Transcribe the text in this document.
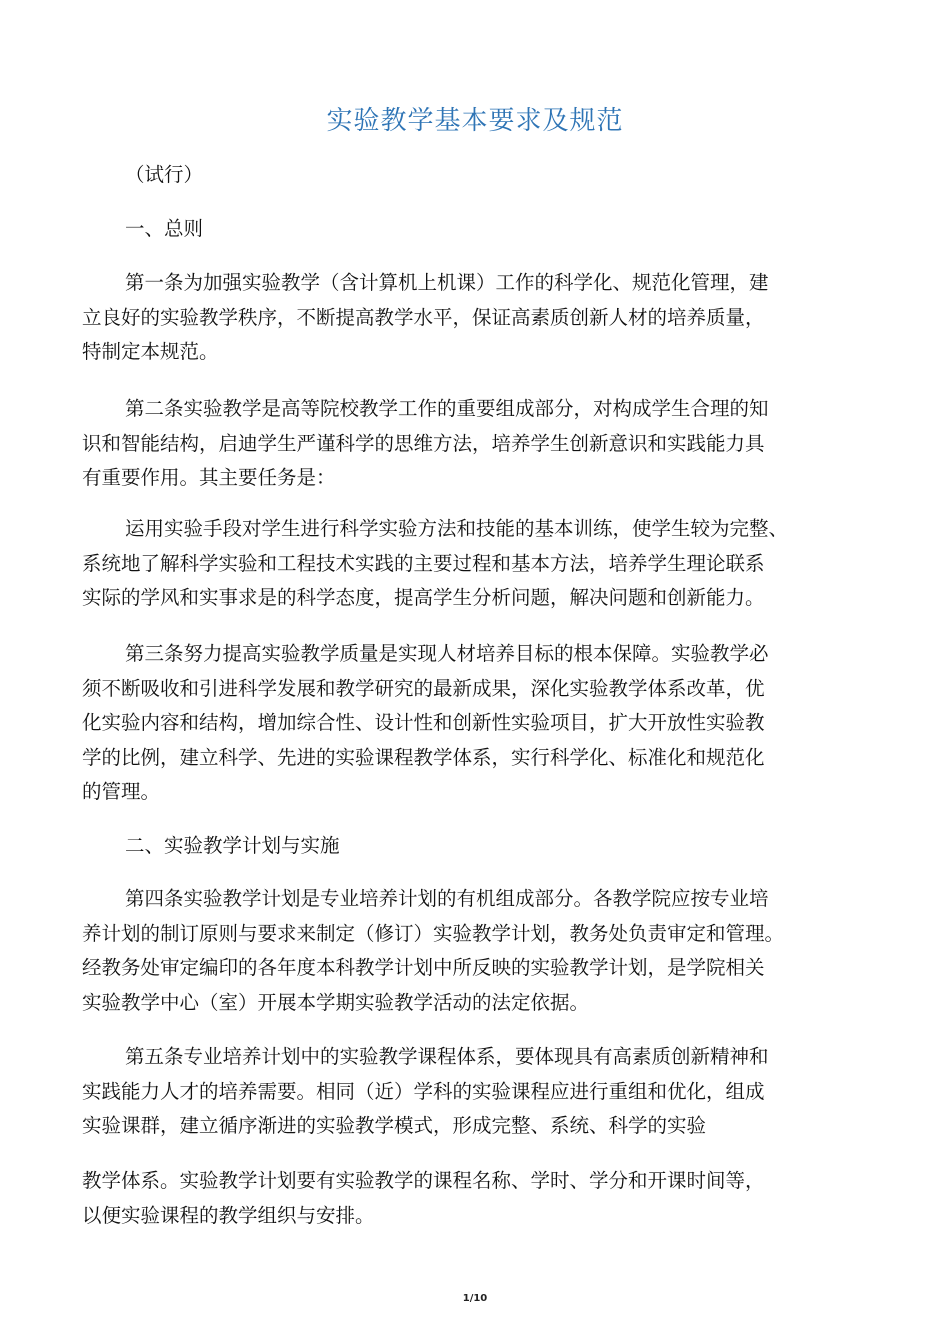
实验教学基本要求及规范
（试行）
一、总则
第一条为加强实验教学（含计算机上机课）工作的科学化、规范化管理，建
立良好的实验教学秩序，不断提高教学水平，保证高素质创新人材的培养质量，
特制定本规范。
第二条实验教学是高等院校教学工作的重要组成部分，对构成学生合理的知
识和智能结构，启迪学生严谨科学的思维方法，培养学生创新意识和实践能力具
有重要作用。其主要任务是：
运用实验手段对学生进行科学实验方法和技能的基本训练，使学生较为完整、
系统地了解科学实验和工程技术实践的主要过程和基本方法，培养学生理论联系
实际的学风和实事求是的科学态度，提高学生分析问题，解决问题和创新能力。
第三条努力提高实验教学质量是实现人材培养目标的根本保障。实验教学必
须不断吸收和引进科学发展和教学研究的最新成果，深化实验教学体系改革，优
化实验内容和结构，增加综合性、设计性和创新性实验项目，扩大开放性实验教
学的比例，建立科学、先进的实验课程教学体系，实行科学化、标准化和规范化
的管理。
二、实验教学计划与实施
第四条实验教学计划是专业培养计划的有机组成部分。各教学院应按专业培
养计划的制订原则与要求来制定（修订）实验教学计划，教务处负责审定和管理。
经教务处审定编印的各年度本科教学计划中所反映的实验教学计划，是学院相关
实验教学中心（室）开展本学期实验教学活动的法定依据。
第五条专业培养计划中的实验教学课程体系，要体现具有高素质创新精神和
实践能力人才的培养需要。相同（近）学科的实验课程应进行重组和优化，组成
实验课群，建立循序渐进的实验教学模式，形成完整、系统、科学的实验
教学体系。实验教学计划要有实验教学的课程名称、学时、学分和开课时间等，
以便实验课程的教学组织与安排。
1/10
